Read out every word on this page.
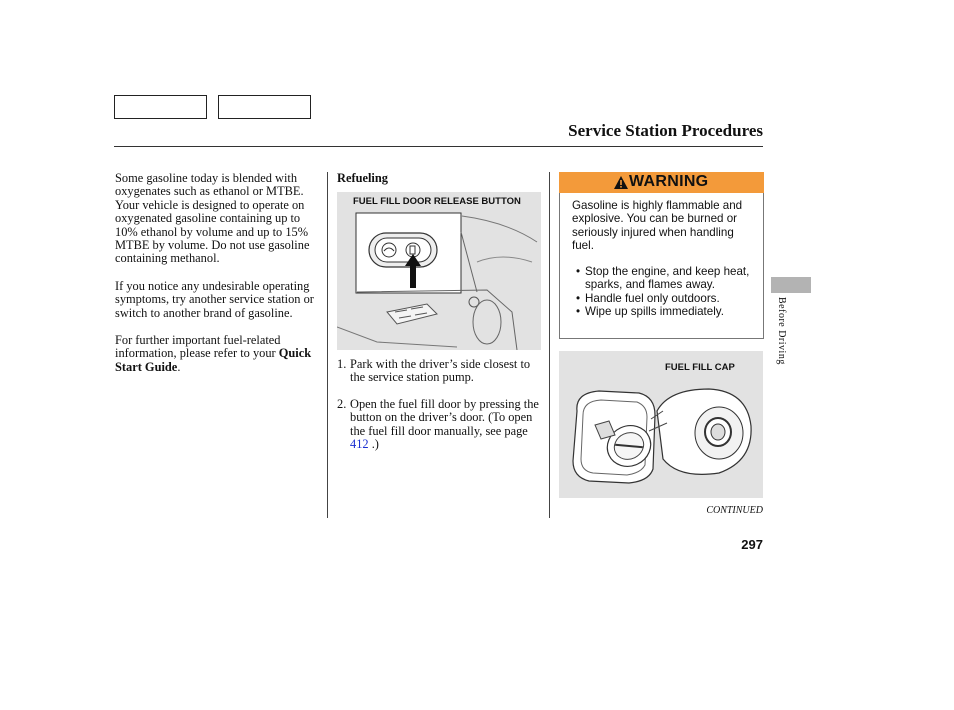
Service Station Procedures

Some gasoline today is blended with oxygenates such as ethanol or MTBE. Your vehicle is designed to operate on oxygenated gasoline containing up to 10% ethanol by volume and up to 15% MTBE by volume. Do not use gasoline containing methanol.

If you notice any undesirable operating symptoms, try another service station or switch to another brand of gasoline.

For further important fuel-related information, please refer to your Quick Start Guide.

Refueling
FUEL FILL DOOR RELEASE BUTTON
1. Park with the driver’s side closest to the service station pump.
2. Open the fuel fill door by pressing the button on the driver’s door. (To open the fuel fill door manually, see page 412 .)
WARNING
Gasoline is highly flammable and explosive. You can be burned or seriously injured when handling fuel.
• Stop the engine, and keep heat, sparks, and flames away.
• Handle fuel only outdoors.
• Wipe up spills immediately.
FUEL FILL CAP
CONTINUED
Before Driving
297
